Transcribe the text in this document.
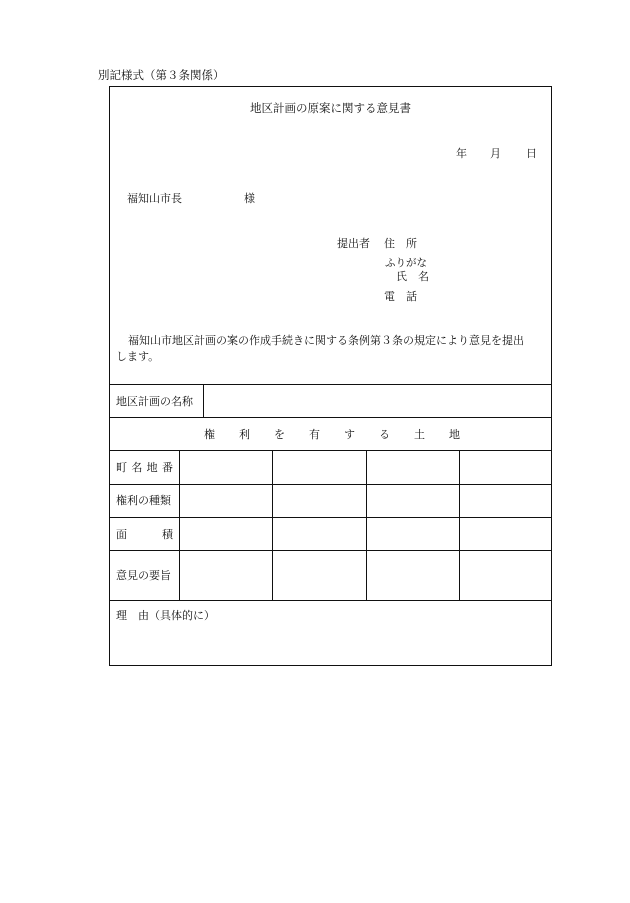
別記様式（第３条関係）
地区計画の原案に関する意見書
年 月 日
福知山市長	様
提出者 住　所
ふりがな
氏　名
電　話
福知山市地区計画の案の作成手続きに関する条例第３条の規定により意見を提出
します。
地区計画の名称
権 利 を 有 す る 土 地
町 名 地 番
権利の種類
面	積
意見の要旨
理　由（具体的に）
